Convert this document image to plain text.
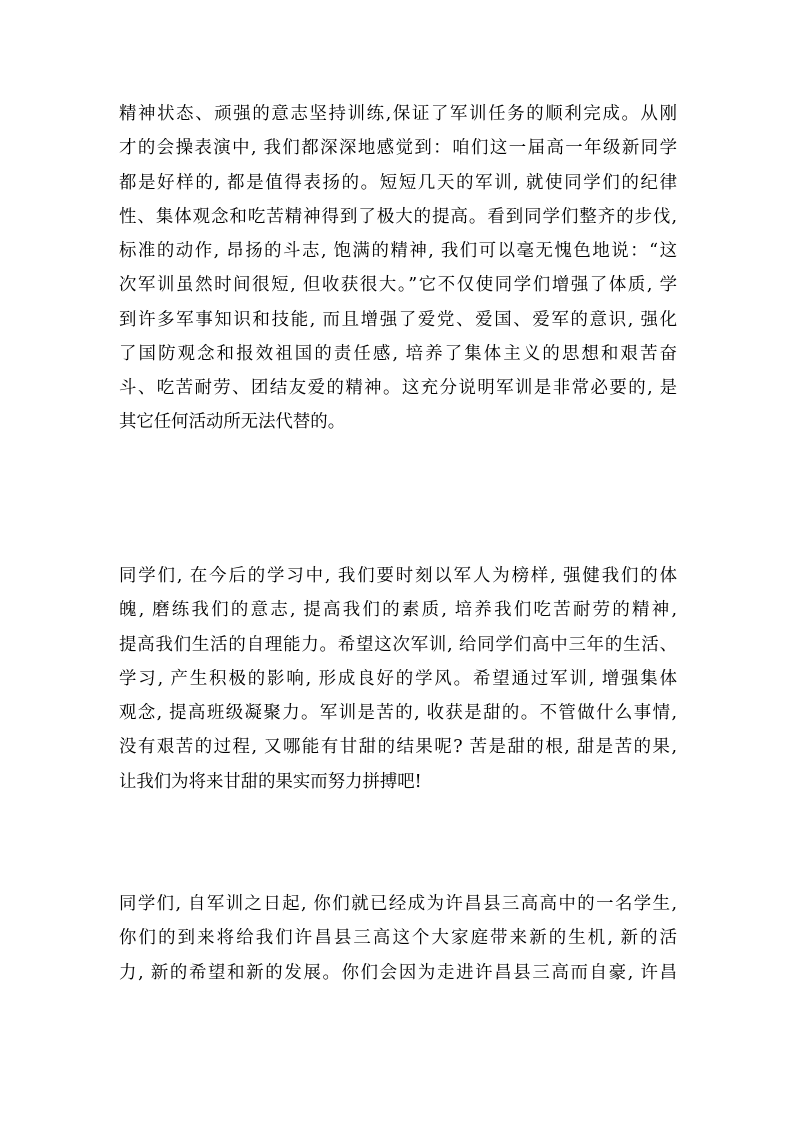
精神状态、顽强的意志坚持训练,保证了军训任务的顺利完成。从刚
才的会操表演中, 我们都深深地感觉到：咱们这一届高一年级新同学
都是好样的, 都是值得表扬的。短短几天的军训, 就使同学们的纪律
性、集体观念和吃苦精神得到了极大的提高。看到同学们整齐的步伐,
标准的动作, 昂扬的斗志, 饱满的精神, 我们可以毫无愧色地说：“这
次军训虽然时间很短, 但收获很大。”它不仅使同学们增强了体质, 学
到许多军事知识和技能, 而且增强了爱党、爱国、爱军的意识, 强化
了国防观念和报效祖国的责任感, 培养了集体主义的思想和艰苦奋
斗、吃苦耐劳、团结友爱的精神。这充分说明军训是非常必要的, 是
其它任何活动所无法代替的。
同学们, 在今后的学习中, 我们要时刻以军人为榜样, 强健我们的体
魄, 磨练我们的意志, 提高我们的素质, 培养我们吃苦耐劳的精神,
提高我们生活的自理能力。希望这次军训, 给同学们高中三年的生活、
学习, 产生积极的影响, 形成良好的学风。希望通过军训, 增强集体
观念, 提高班级凝聚力。军训是苦的, 收获是甜的。不管做什么事情,
没有艰苦的过程, 又哪能有甘甜的结果呢? 苦是甜的根, 甜是苦的果,
让我们为将来甘甜的果实而努力拼搏吧!
同学们, 自军训之日起, 你们就已经成为许昌县三高高中的一名学生,
你们的到来将给我们许昌县三高这个大家庭带来新的生机, 新的活
力, 新的希望和新的发展。你们会因为走进许昌县三高而自豪, 许昌
